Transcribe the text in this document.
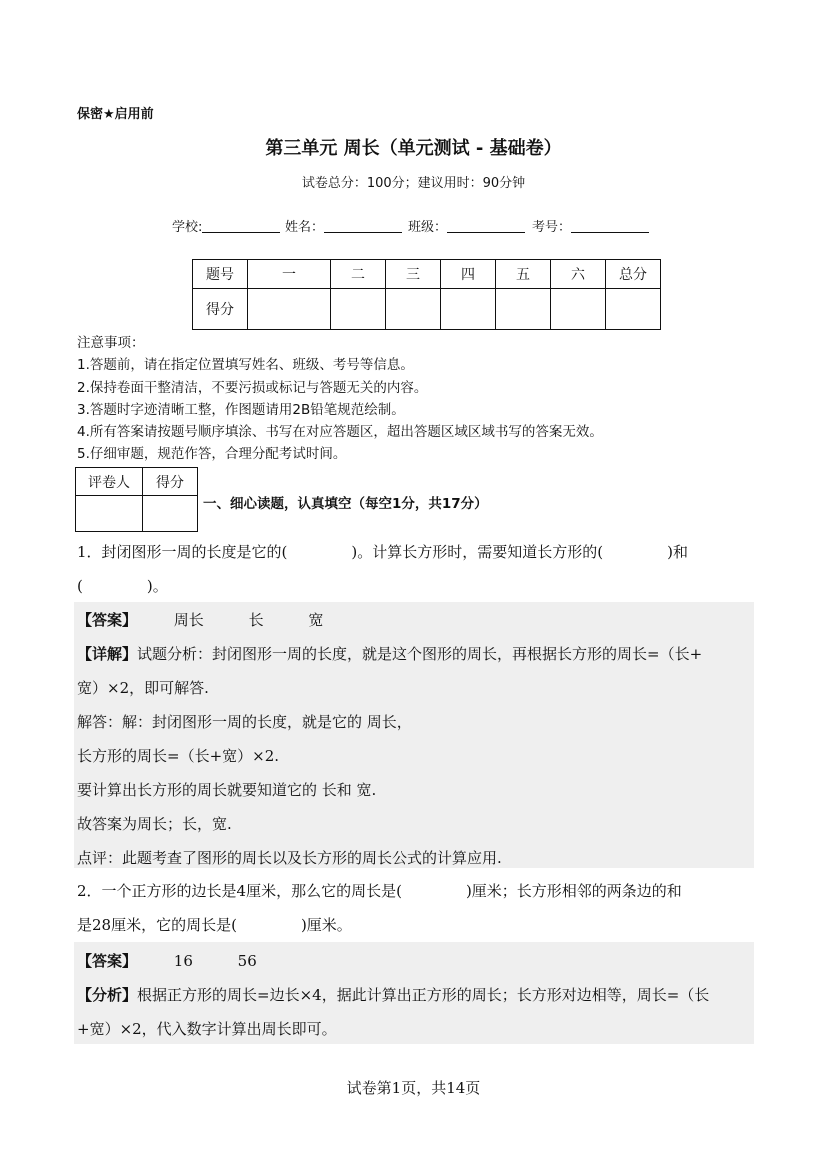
保密★启用前
第三单元 周长（单元测试 - 基础卷）
试卷总分：100分；建议用时：90分钟
学校:	姓名：	班级：	考号：
题号	一	二	三	四	五	六	总分
得分							
注意事项：
1.答题前，请在指定位置填写姓名、班级、考号等信息。
2.保持卷面干整清洁，不要污损或标记与答题无关的内容。
3.答题时字迹清晰工整，作图题请用2B铅笔规范绘制。
4.所有答案请按题号顺序填涂、书写在对应答题区，超出答题区域区域书写的答案无效。
5.仔细审题，规范作答，合理分配考试时间。
评卷人	得分

一、细心读题，认真填空（每空1分，共17分）
1．封闭图形一周的长度是它的(	)。计算长方形时，需要知道长方形的(	)和
(	)。
【答案】 周长	长	宽
【详解】试题分析：封闭图形一周的长度，就是这个图形的周长，再根据长方形的周长=（长+
宽）×2，即可解答.
解答：解：封闭图形一周的长度，就是它的 周长，
长方形的周长=（长+宽）×2.
要计算出长方形的周长就要知道它的 长和 宽.
故答案为周长；长，宽.
点评：此题考查了图形的周长以及长方形的周长公式的计算应用.
2．一个正方形的边长是4厘米，那么它的周长是(	)厘米；长方形相邻的两条边的和
是28厘米，它的周长是(	)厘米。
【答案】 16	56
【分析】根据正方形的周长=边长×4，据此计算出正方形的周长；长方形对边相等，周长=（长
+宽）×2，代入数字计算出周长即可。
试卷第1页，共14页
